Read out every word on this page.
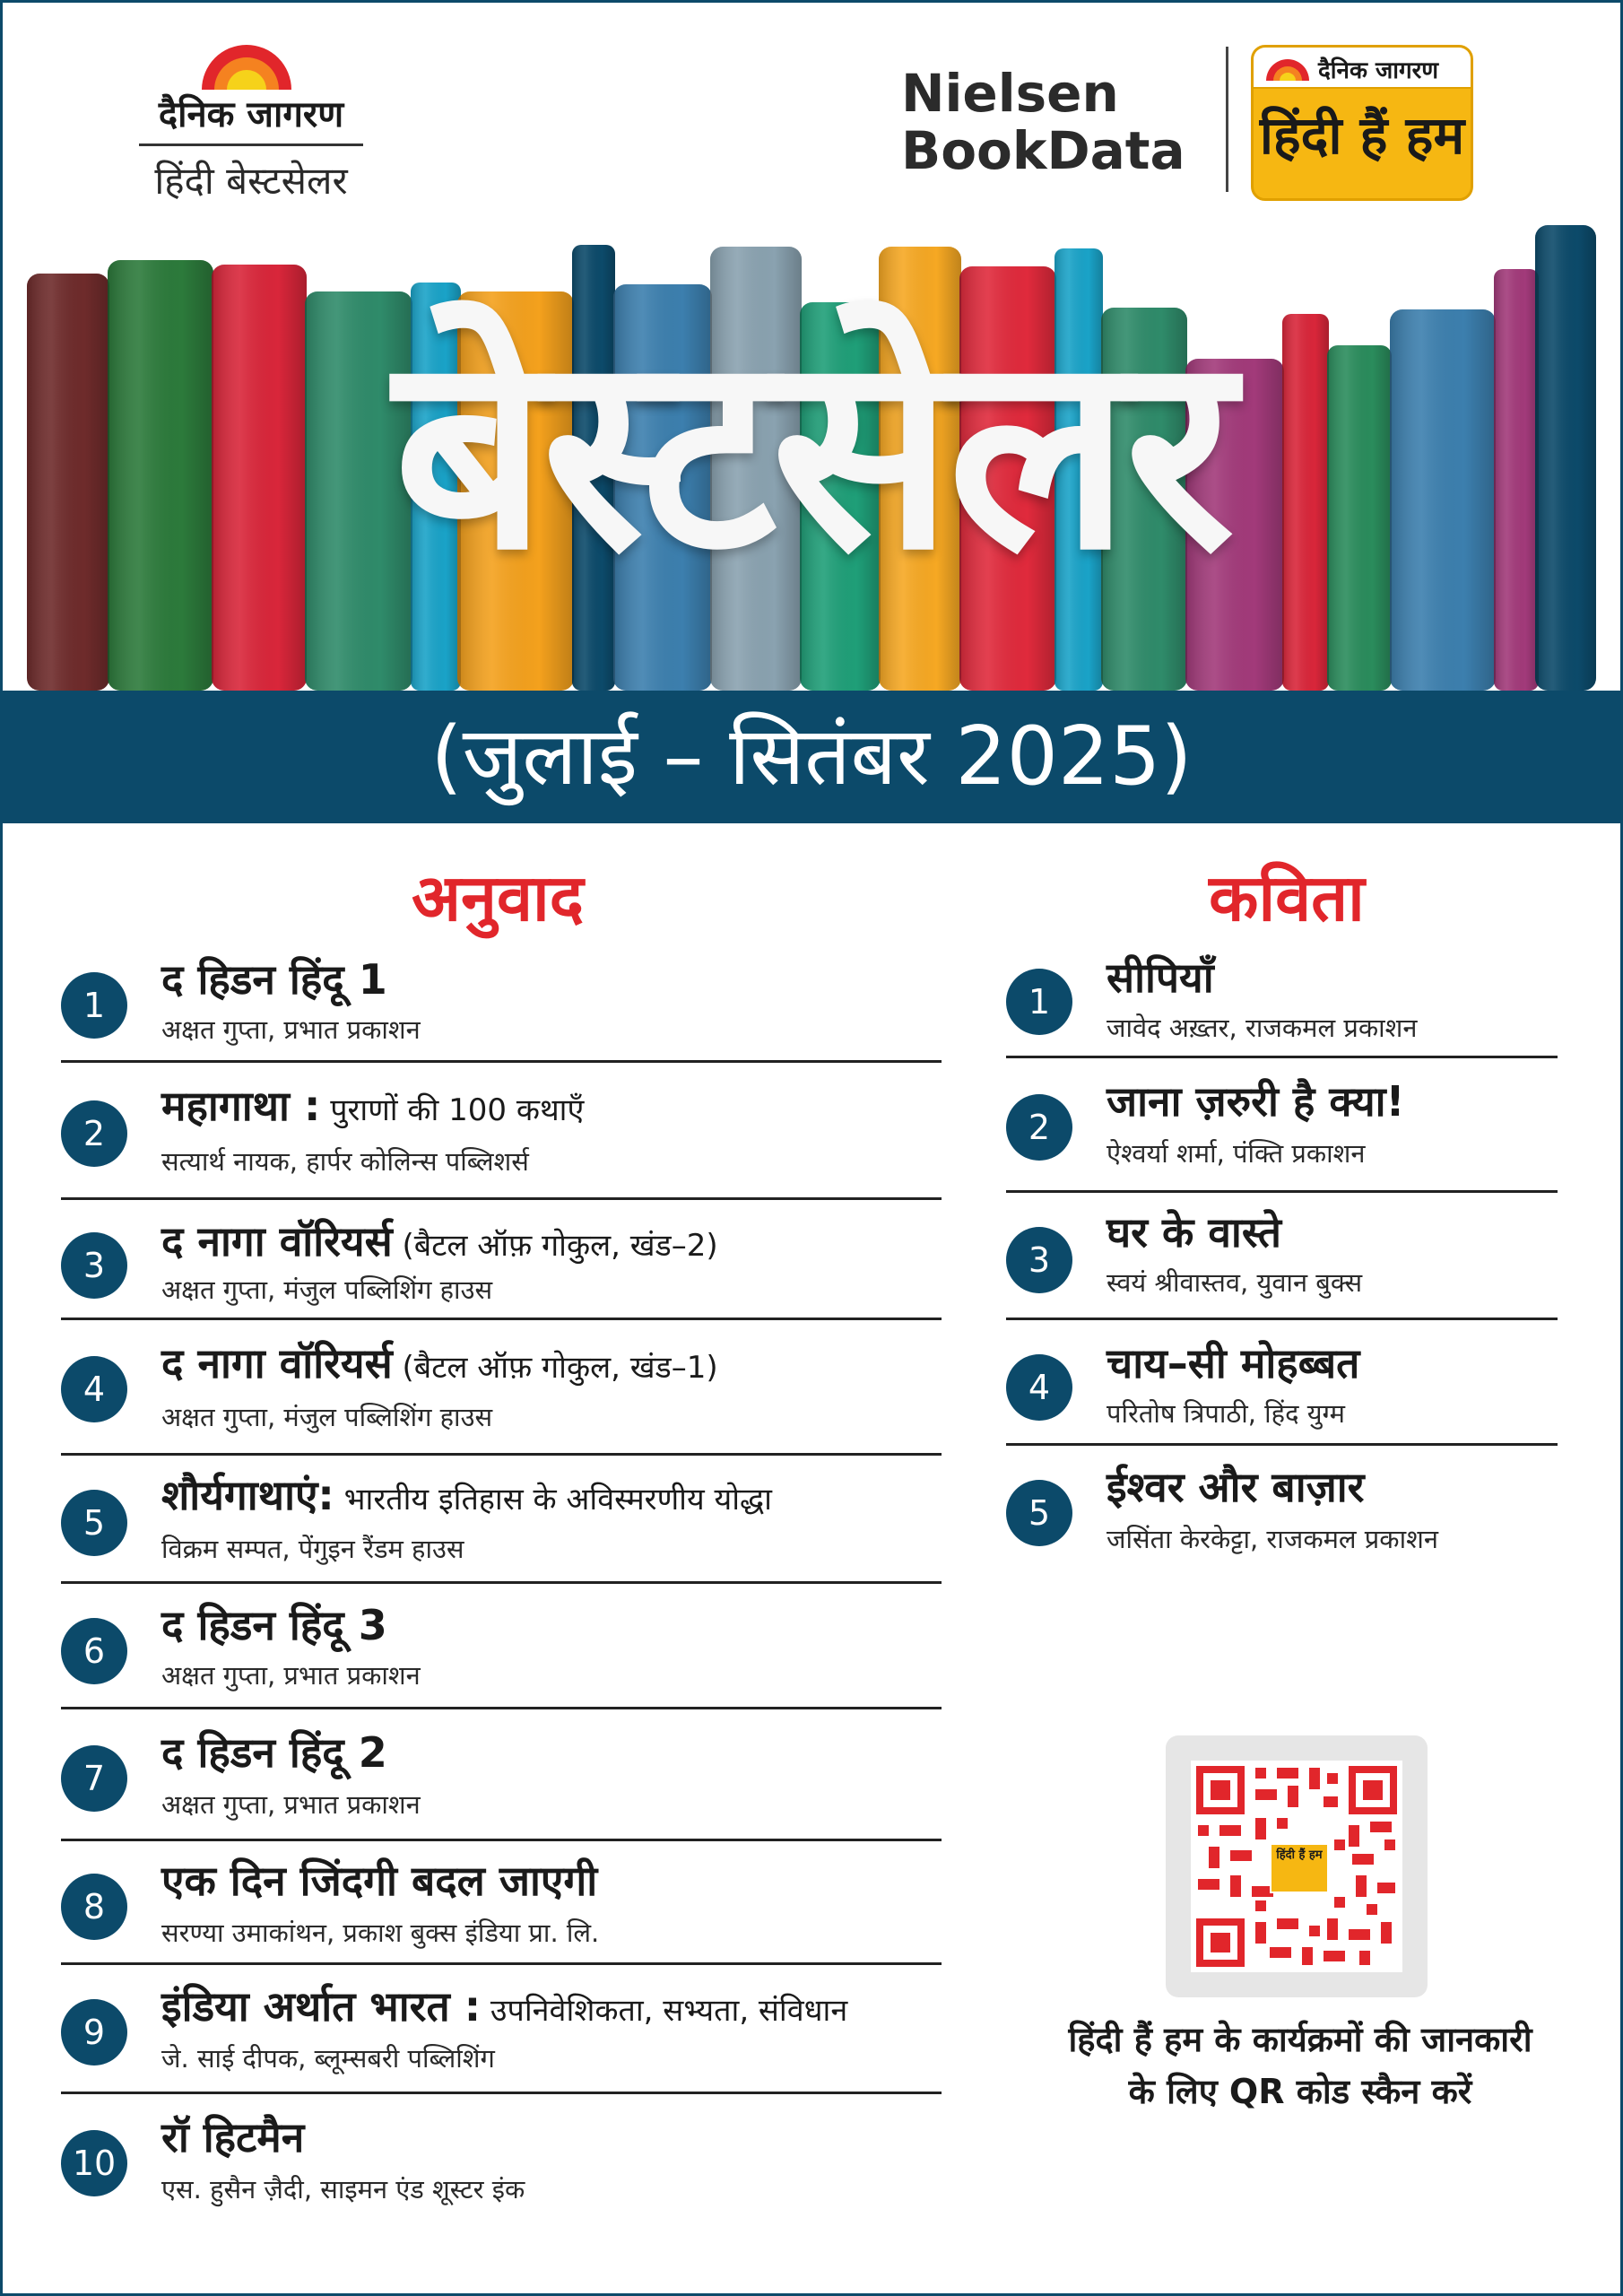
दैनिक जागरण
हिंदी बेस्टसेलर
Nielsen
BookData
दैनिक जागरण
हिंदी हैं हम
बेस्टसेलर
(जुलाई – सितंबर 2025)
अनुवाद	कविता
1
द हिडन हिंदू 1
अक्षत गुप्ता, प्रभात प्रकाशन
2
महागाथा : पुराणों की 100 कथाएँ
सत्यार्थ नायक, हार्पर कोलिन्स पब्लिशर्स
3	द नागा वॉरियर्स (बैटल ऑफ़ गोकुल, खंड–2)
अक्षत गुप्ता, मंजुल पब्लिशिंग हाउस
4
द नागा वॉरियर्स (बैटल ऑफ़ गोकुल, खंड–1)
अक्षत गुप्ता, मंजुल पब्लिशिंग हाउस
5
शौर्यगाथाएं: भारतीय इतिहास के अविस्मरणीय योद्धा
विक्रम सम्पत, पेंगुइन रैंडम हाउस
6
द हिडन हिंदू 3
अक्षत गुप्ता, प्रभात प्रकाशन
7
द हिडन हिंदू 2
अक्षत गुप्ता, प्रभात प्रकाशन
8
एक दिन जिंदगी बदल जाएगी
सरण्या उमाकांथन, प्रकाश बुक्स इंडिया प्रा. लि.
9
इंडिया अर्थात भारत : उपनिवेशिकता, सभ्यता, संविधान
जे. साई दीपक, ब्लूम्सबरी पब्लिशिंग
10
रॉ हिटमैन
एस. हुसैन ज़ैदी, साइमन एंड शूस्टर इंक
1	सीपियाँ
जावेद अख़्तर, राजकमल प्रकाशन
2
जाना ज़रुरी है क्या!
ऐश्वर्या शर्मा, पंक्ति प्रकाशन
3
घर के वास्ते
स्वयं श्रीवास्तव, युवान बुक्स
4	चाय–सी मोहब्बत
परितोष त्रिपाठी, हिंद युग्म
5
ईश्वर और बाज़ार
जसिंता केरकेट्टा, राजकमल प्रकाशन
हिंदी हैं हम
हिंदी हैं हम के कार्यक्रमों की जानकारी
के लिए QR कोड स्कैन करें
